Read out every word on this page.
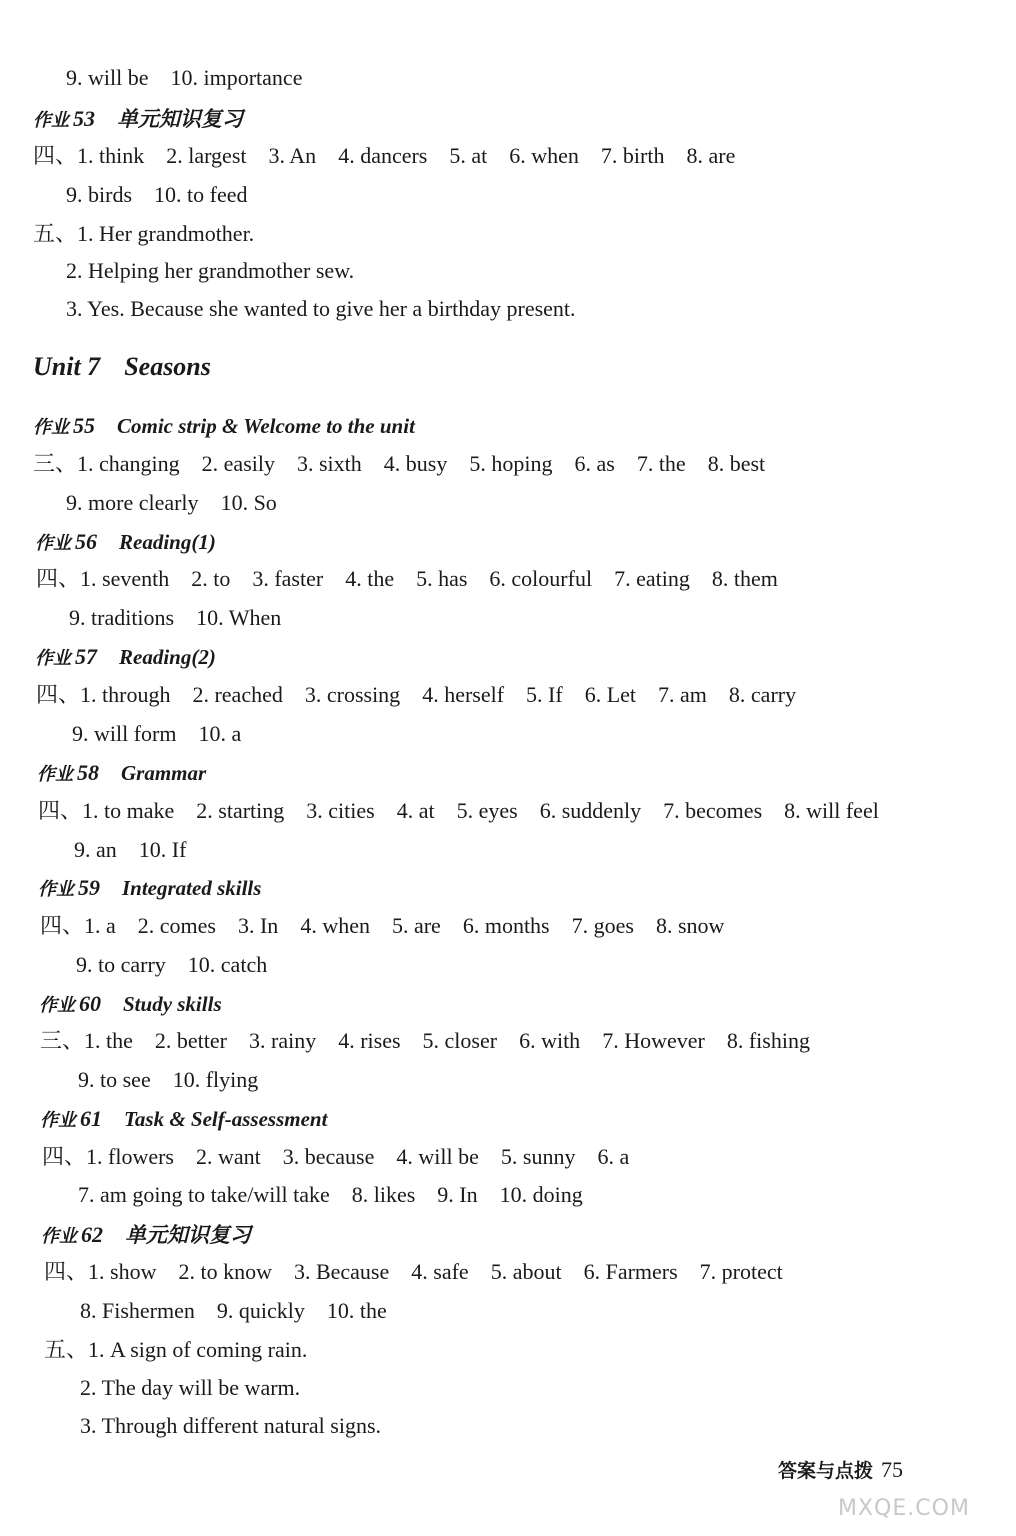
9. will be 10. importance
四、1. think 2. largest 3. An 4. dancers 5. at 6. when 7. birth 8. are
9. birds 10. to feed
五、1. Her grandmother.
2. Helping her grandmother sew.
3. Yes. Because she wanted to give her a birthday present.
三、1. changing 2. easily 3. sixth 4. busy 5. hoping 6. as 7. the 8. best
9. more clearly 10. So
四、1. seventh 2. to 3. faster 4. the 5. has 6. colourful 7. eating 8. them
9. traditions 10. When
四、1. through 2. reached 3. crossing 4. herself 5. If 6. Let 7. am 8. carry
9. will form 10. a
四、1. to make 2. starting 3. cities 4. at 5. eyes 6. suddenly 7. becomes 8. will feel
9. an 10. If
四、1. a 2. comes 3. In 4. when 5. are 6. months 7. goes 8. snow
9. to carry 10. catch
三、1. the 2. better 3. rainy 4. rises 5. closer 6. with 7. However 8. fishing
9. to see 10. flying
四、1. flowers 2. want 3. because 4. will be 5. sunny 6. a
7. am going to take/will take 8. likes 9. In 10. doing
四、1. show 2. to know 3. Because 4. safe 5. about 6. Farmers 7. protect
8. Fishermen 9. quickly 10. the
五、1. A sign of coming rain.
2. The day will be warm.
3. Through different natural signs.
作业 53 单元知识复习
Unit 7 Seasons
作业 55 Comic strip & Welcome to the unit
作业 56 Reading(1)
作业 57 Reading(2)
作业 58 Grammar
作业 59 Integrated skills
作业 60 Study skills
作业 61 Task & Self-assessment
作业 62 单元知识复习
答案与点拨 75
MXQE.COM
